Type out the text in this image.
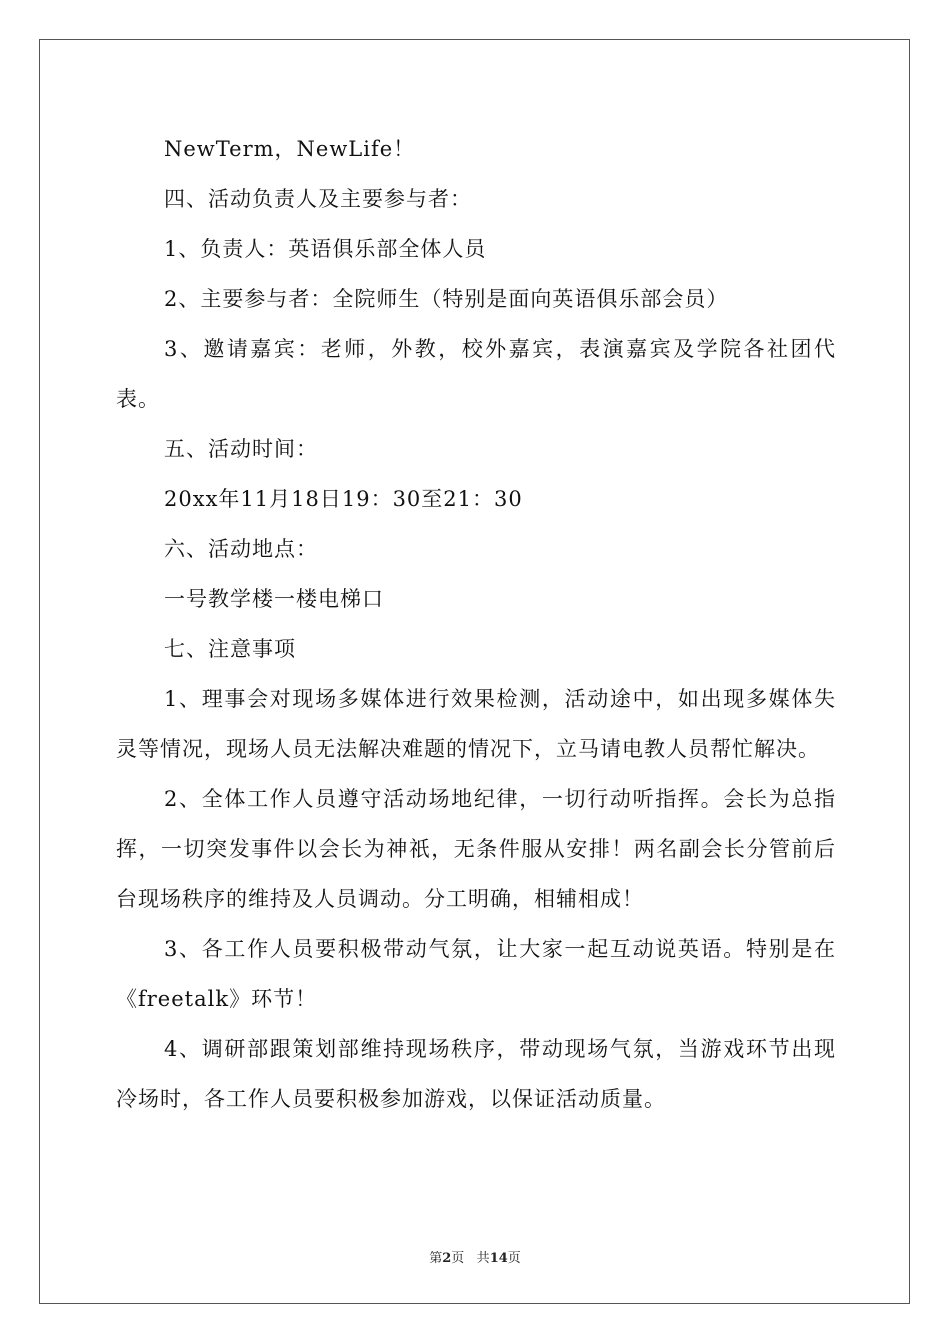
NewTerm，NewLife！

四、活动负责人及主要参与者：

1、负责人：英语俱乐部全体人员

2、主要参与者：全院师生（特别是面向英语俱乐部会员）

3、邀请嘉宾：老师，外教，校外嘉宾，表演嘉宾及学院各社团代表。

五、活动时间：

20xx年11月18日19：30至21：30

六、活动地点：

一号教学楼一楼电梯口

七、注意事项

1、理事会对现场多媒体进行效果检测，活动途中，如出现多媒体失灵等情况，现场人员无法解决难题的情况下，立马请电教人员帮忙解决。

2、全体工作人员遵守活动场地纪律，一切行动听指挥。会长为总指挥，一切突发事件以会长为神祇，无条件服从安排！两名副会长分管前后台现场秩序的维持及人员调动。分工明确，相辅相成！

3、各工作人员要积极带动气氛，让大家一起互动说英语。特别是在《freetalk》环节！

4、调研部跟策划部维持现场秩序，带动现场气氛，当游戏环节出现冷场时，各工作人员要积极参加游戏，以保证活动质量。

第2页 共14页
